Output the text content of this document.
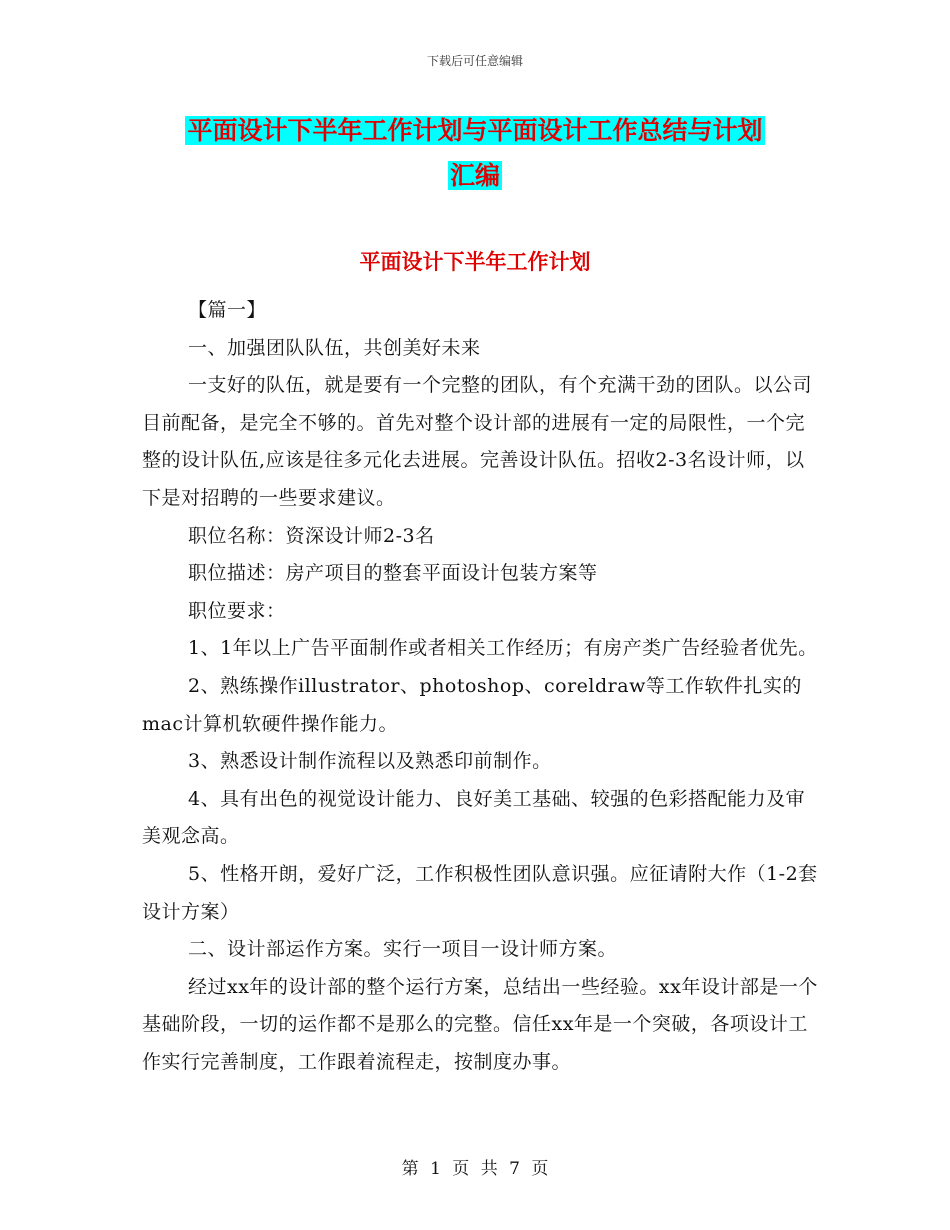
下载后可任意编辑
平面设计下半年工作计划与平面设计工作总结与计划
汇编
平面设计下半年工作计划

【篇一】

一、加强团队队伍，共创美好未来

一支好的队伍，就是要有一个完整的团队，有个充满干劲的团队。以公司目前配备，是完全不够的。首先对整个设计部的进展有一定的局限性，一个完整的设计队伍,应该是往多元化去进展。完善设计队伍。招收2-3名设计师，以下是对招聘的一些要求建议。

职位名称：资深设计师2-3名

职位描述：房产项目的整套平面设计包装方案等

职位要求：

1、1年以上广告平面制作或者相关工作经历；有房产类广告经验者优先。

2、熟练操作illustrator、photoshop、coreldraw等工作软件扎实的mac计算机软硬件操作能力。

3、熟悉设计制作流程以及熟悉印前制作。

4、具有出色的视觉设计能力、良好美工基础、较强的色彩搭配能力及审美观念高。

5、性格开朗，爱好广泛，工作积极性团队意识强。应征请附大作（1-2套设计方案）

二、设计部运作方案。实行一项目一设计师方案。

经过xx年的设计部的整个运行方案，总结出一些经验。xx年设计部是一个基础阶段，一切的运作都不是那么的完整。信任xx年是一个突破，各项设计工作实行完善制度，工作跟着流程走，按制度办事。

第 1 页 共 7 页
